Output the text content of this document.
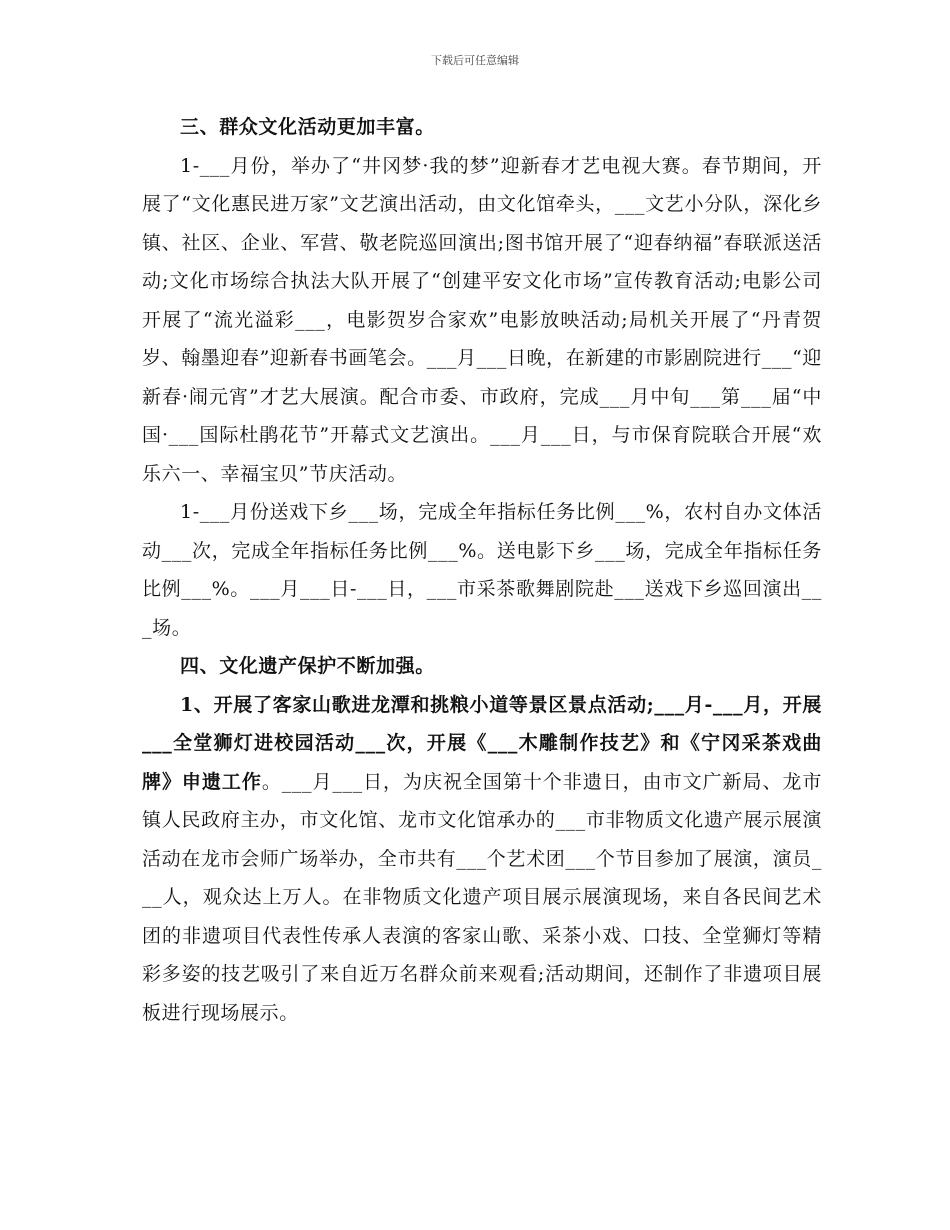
下载后可任意编辑

三、群众文化活动更加丰富。

1-___月份，举办了“井冈梦·我的梦”迎新春才艺电视大赛。春节期间，开展了“文化惠民进万家”文艺演出活动，由文化馆牵头，___文艺小分队，深化乡镇、社区、企业、军营、敬老院巡回演出;图书馆开展了“迎春纳福”春联派送活动;文化市场综合执法大队开展了“创建平安文化市场”宣传教育活动;电影公司开展了“流光溢彩___，电影贺岁合家欢”电影放映活动;局机关开展了“丹青贺岁、翰墨迎春”迎新春书画笔会。___月___日晚，在新建的市影剧院进行___“迎新春·闹元宵”才艺大展演。配合市委、市政府，完成___月中旬___第___届“中国·___国际杜鹃花节”开幕式文艺演出。___月___日，与市保育院联合开展“欢乐六一、幸福宝贝”节庆活动。

1-___月份送戏下乡___场，完成全年指标任务比例___%，农村自办文体活动___次，完成全年指标任务比例___%。送电影下乡___场，完成全年指标任务比例___%。___月___日-___日，___市采茶歌舞剧院赴___送戏下乡巡回演出___场。

四、文化遗产保护不断加强。

1、开展了客家山歌进龙潭和挑粮小道等景区景点活动;___月-___月，开展___全堂狮灯进校园活动___次，开展《___木雕制作技艺》和《宁冈采茶戏曲牌》申遗工作。___月___日，为庆祝全国第十个非遗日，由市文广新局、龙市镇人民政府主办，市文化馆、龙市文化馆承办的___市非物质文化遗产展示展演活动在龙市会师广场举办，全市共有___个艺术团___个节目参加了展演，演员___人，观众达上万人。在非物质文化遗产项目展示展演现场，来自各民间艺术团的非遗项目代表性传承人表演的客家山歌、采茶小戏、口技、全堂狮灯等精彩多姿的技艺吸引了来自近万名群众前来观看;活动期间，还制作了非遗项目展板进行现场展示。
